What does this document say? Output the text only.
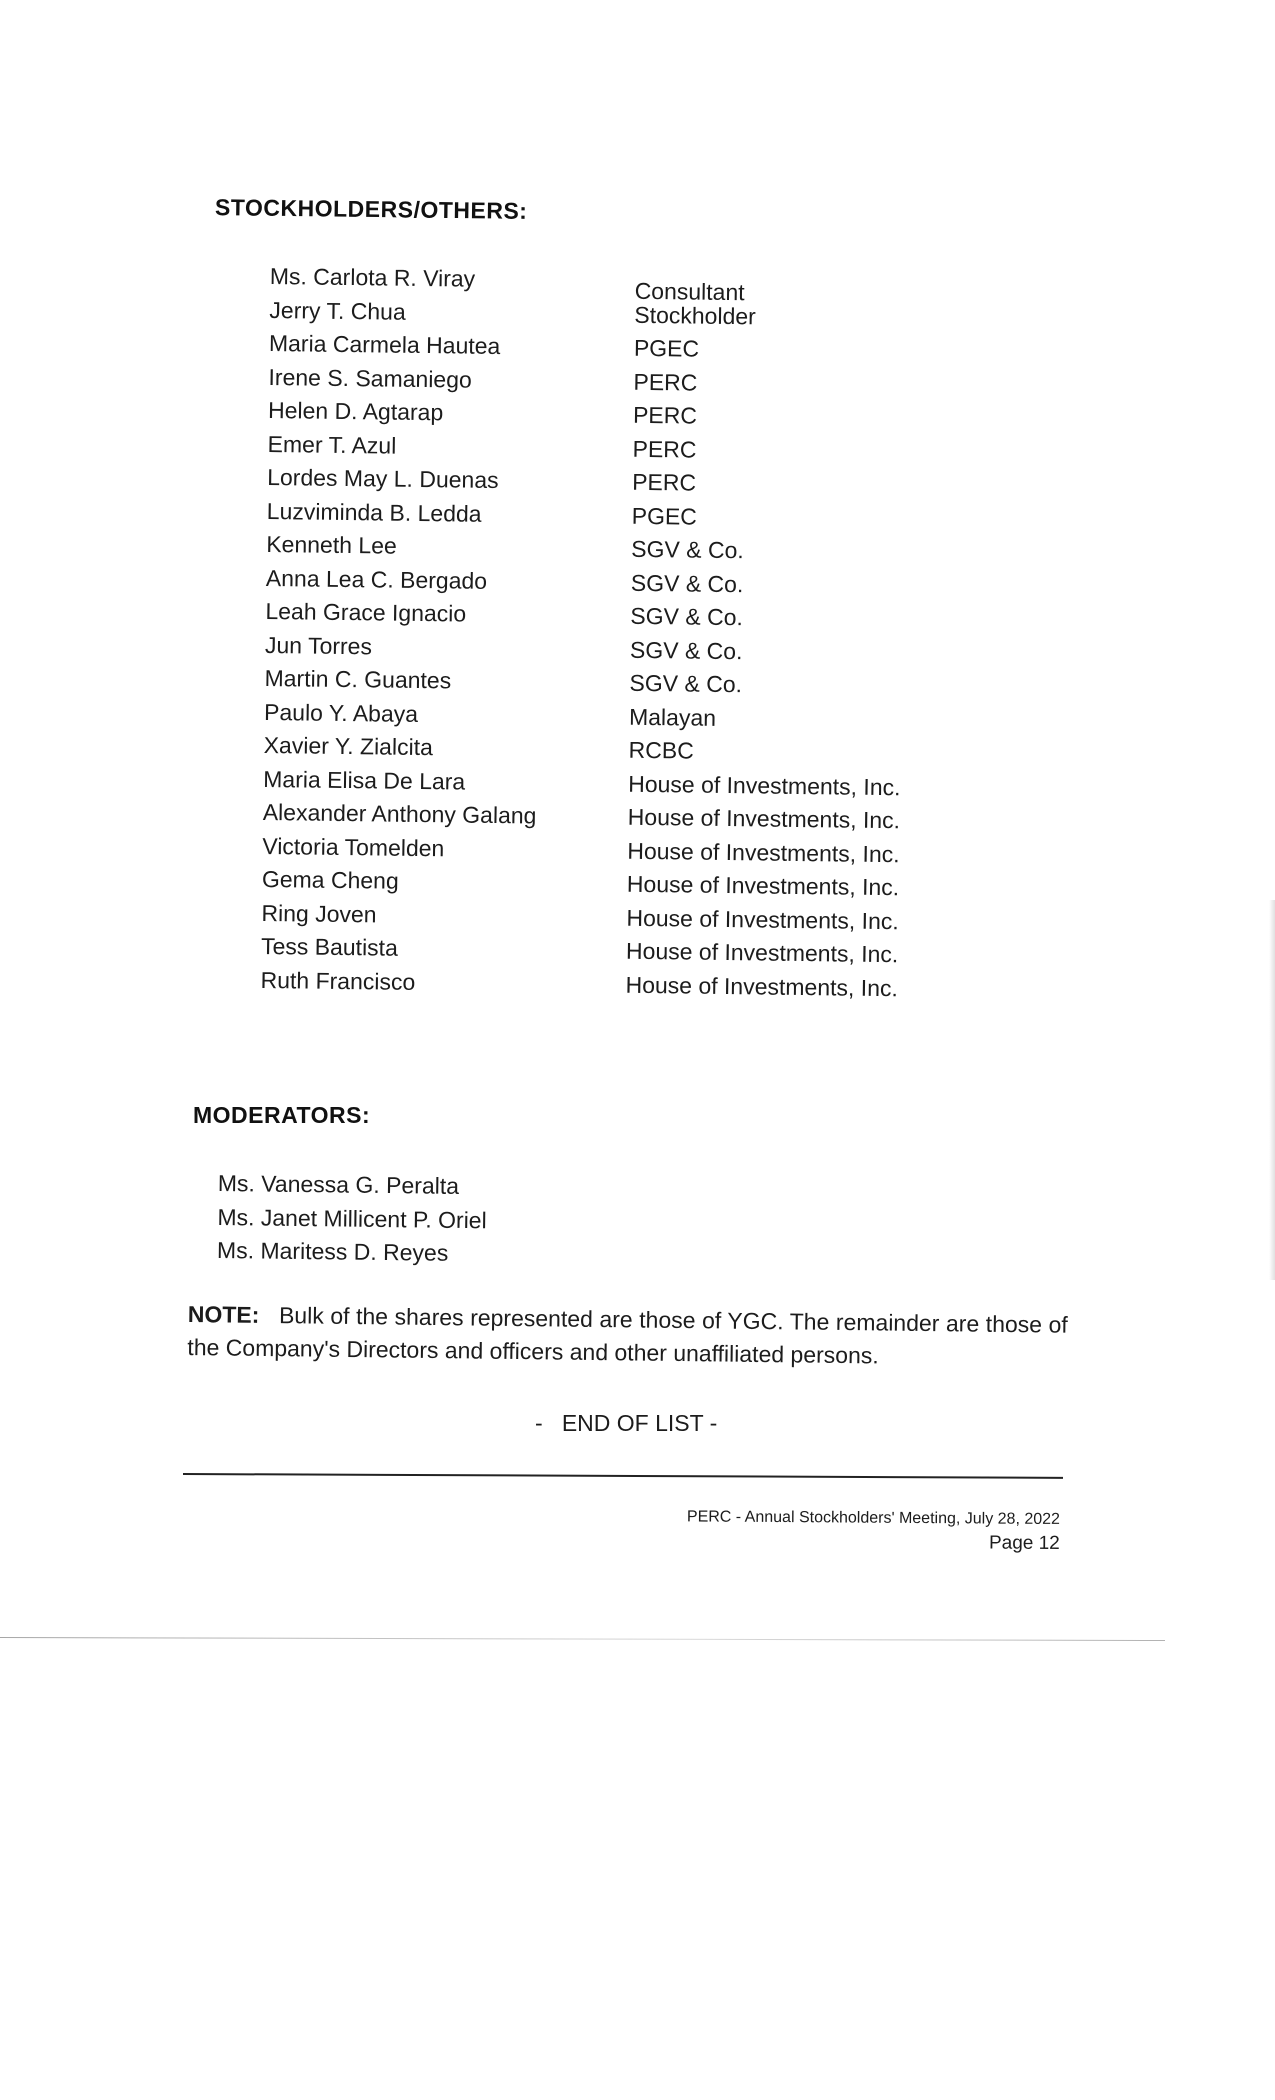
STOCKHOLDERS/OTHERS:
Ms. Carlota R. Viray	Consultant
Jerry T. Chua	Stockholder
Maria Carmela Hautea	PGEC
Irene S. Samaniego	PERC
Helen D. Agtarap	PERC
Emer T. Azul	PERC
Lordes May L. Duenas	PERC
Luzviminda B. Ledda	PGEC
Kenneth Lee	SGV & Co.
Anna Lea C. Bergado	SGV & Co.
Leah Grace Ignacio	SGV & Co.
Jun Torres	SGV & Co.
Martin C. Guantes	SGV & Co.
Paulo Y. Abaya	Malayan
Xavier Y. Zialcita	RCBC
Maria Elisa De Lara	House of Investments, Inc.
Alexander Anthony Galang	House of Investments, Inc.
Victoria Tomelden	House of Investments, Inc.
Gema Cheng	House of Investments, Inc.
Ring Joven	House of Investments, Inc.
Tess Bautista	House of Investments, Inc.
Ruth Francisco	House of Investments, Inc.
MODERATORS:
Ms. Vanessa G. Peralta
Ms. Janet Millicent P. Oriel
Ms. Maritess D. Reyes
NOTE: Bulk of the shares represented are those of YGC. The remainder are those of the Company's Directors and officers and other unaffiliated persons.
-   END OF LIST -
PERC - Annual Stockholders' Meeting, July 28, 2022
Page 12
